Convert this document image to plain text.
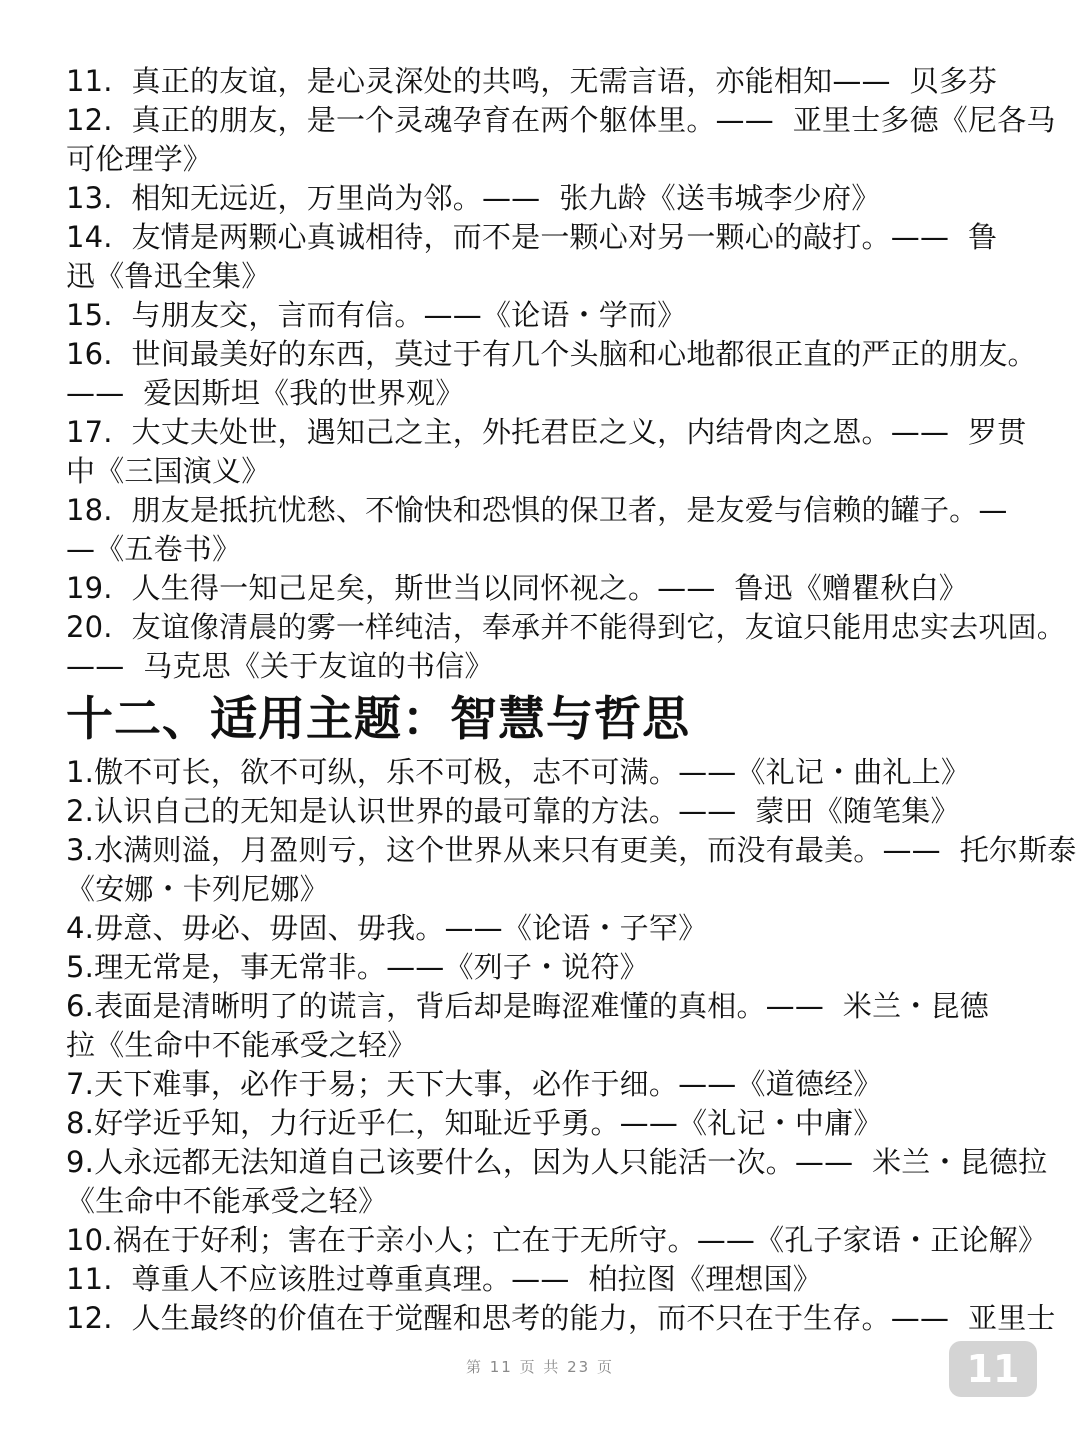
11.  真正的友谊，是心灵深处的共鸣，无需言语，亦能相知——  贝多芬
12.  真正的朋友，是一个灵魂孕育在两个躯体里。——  亚里士多德《尼各马
可伦理学》
13.  相知无远近，万里尚为邻。——  张九龄《送韦城李少府》
14.  友情是两颗心真诚相待，而不是一颗心对另一颗心的敲打。——  鲁
迅《鲁迅全集》
15.  与朋友交，言而有信。——《论语・学而》
16.  世间最美好的东西，莫过于有几个头脑和心地都很正直的严正的朋友。
——  爱因斯坦《我的世界观》
17.  大丈夫处世，遇知己之主，外托君臣之义，内结骨肉之恩。——  罗贯
中《三国演义》
18.  朋友是抵抗忧愁、不愉快和恐惧的保卫者，是友爱与信赖的罐子。—
—《五卷书》
19.  人生得一知己足矣，斯世当以同怀视之。——  鲁迅《赠瞿秋白》
20.  友谊像清晨的雾一样纯洁，奉承并不能得到它，友谊只能用忠实去巩固。
——  马克思《关于友谊的书信》
十二、适用主题：智慧与哲思
1.傲不可长，欲不可纵，乐不可极，志不可满。——《礼记・曲礼上》
2.认识自己的无知是认识世界的最可靠的方法。——  蒙田《随笔集》
3.水满则溢，月盈则亏，这个世界从来只有更美，而没有最美。——  托尔斯泰
《安娜・卡列尼娜》
4.毋意、毋必、毋固、毋我。——《论语・子罕》
5.理无常是，事无常非。——《列子・说符》
6.表面是清晰明了的谎言，背后却是晦涩难懂的真相。——  米兰・昆德
拉《生命中不能承受之轻》
7.天下难事，必作于易；天下大事，必作于细。——《道德经》
8.好学近乎知，力行近乎仁，知耻近乎勇。——《礼记・中庸》
9.人永远都无法知道自己该要什么，因为人只能活一次。——  米兰・昆德拉
《生命中不能承受之轻》
10.祸在于好利；害在于亲小人；亡在于无所守。——《孔子家语・正论解》
11.  尊重人不应该胜过尊重真理。——  柏拉图《理想国》
12.  人生最终的价值在于觉醒和思考的能力，而不只在于生存。——  亚里士
第 11 页 共 23 页	11
